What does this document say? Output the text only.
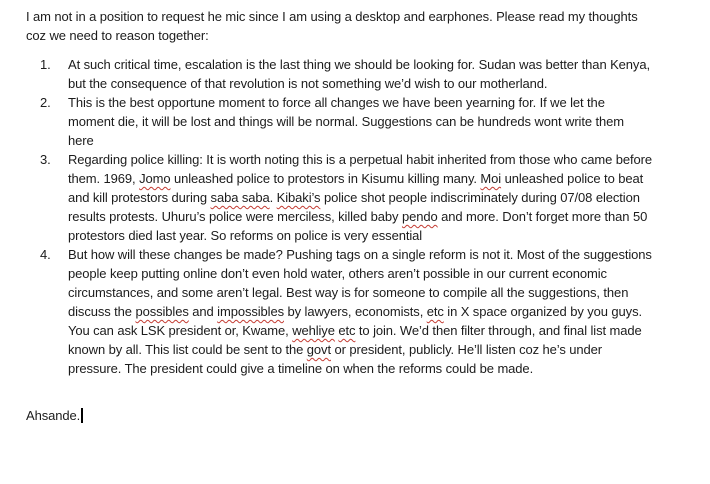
I am not in a position to request he mic since I am using a desktop and earphones. Please read my thoughts coz we need to reason together:

1.	At such critical time, escalation is the last thing we should be looking for. Sudan was better than Kenya, but the consequence of that revolution is not something we’d wish to our motherland.
2.	This is the best opportune moment to force all changes we have been yearning for. If we let the moment die, it will be lost and things will be normal. Suggestions can be hundreds wont write them here
3.	Regarding police killing: It is worth noting this is a perpetual habit inherited from those who came before them. 1969, Jomo unleashed police to protestors in Kisumu killing many. Moi unleashed police to beat and kill protestors during saba saba. Kibaki’s police shot people indiscriminately during 07/08 election results protests. Uhuru’s police were merciless, killed baby pendo and more. Don’t forget more than 50 protestors died last year. So reforms on police is very essential
4.	But how will these changes be made? Pushing tags on a single reform is not it. Most of the suggestions people keep putting online don’t even hold water, others aren’t possible in our current economic circumstances, and some aren’t legal. Best way is for someone to compile all the suggestions, then discuss the possibles and impossibles by lawyers, economists, etc in X space organized by you guys. You can ask LSK president or, Kwame, wehliye etc to join. We’d then filter through, and final list made known by all. This list could be sent to the govt or president, publicly. He’ll listen coz he’s under pressure. The president could give a timeline on when the reforms could be made.

Ahsande.
